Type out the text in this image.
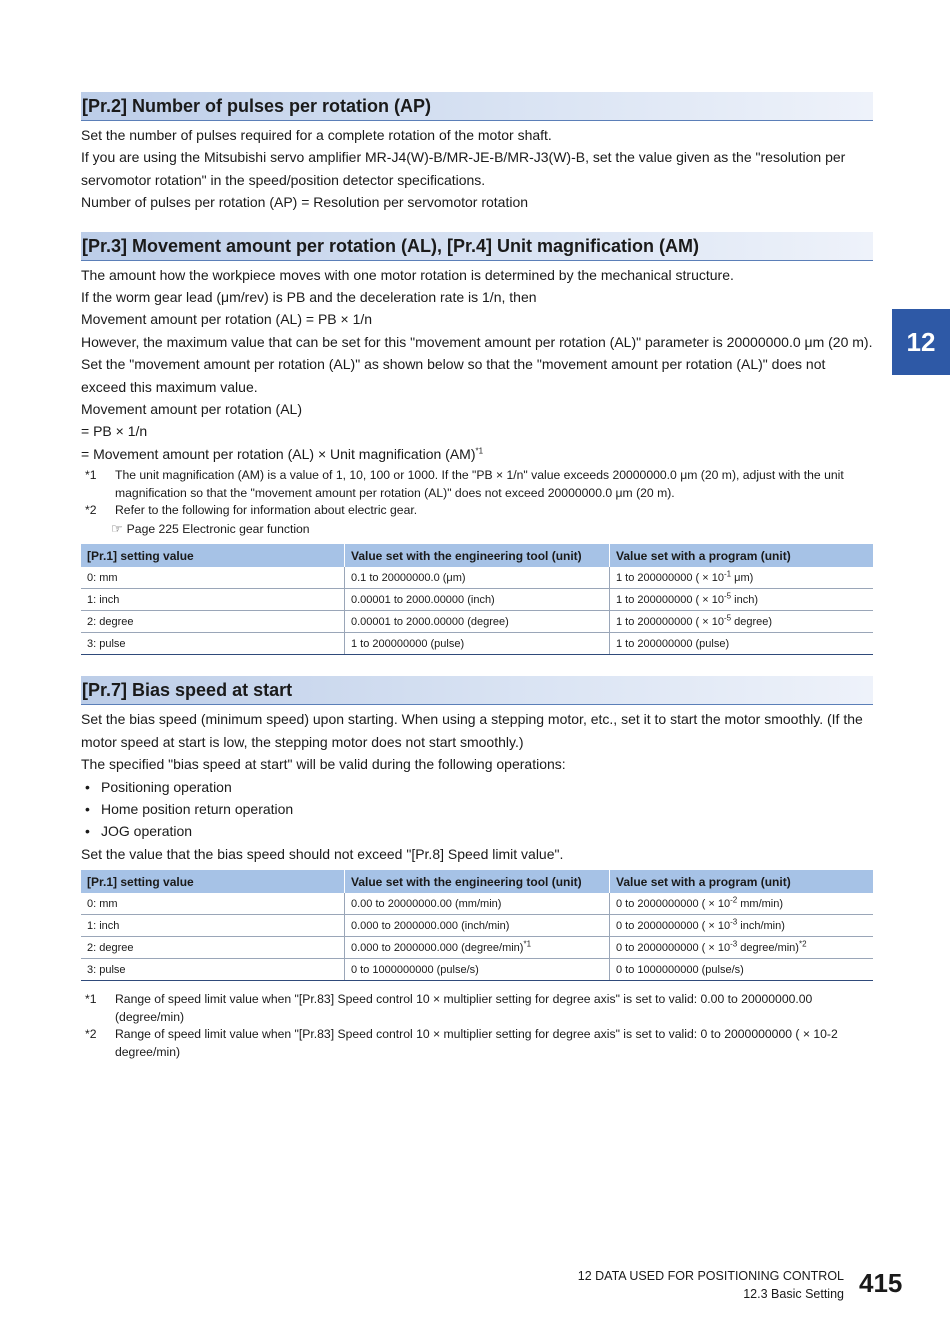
12
[Pr.2] Number of pulses per rotation (AP)

Set the number of pulses required for a complete rotation of the motor shaft.

If you are using the Mitsubishi servo amplifier MR-J4(W)-B/MR-JE-B/MR-J3(W)-B, set the value given as the "resolution per servomotor rotation" in the speed/position detector specifications.

Number of pulses per rotation (AP) = Resolution per servomotor rotation

[Pr.3] Movement amount per rotation (AL), [Pr.4] Unit magnification (AM)

The amount how the workpiece moves with one motor rotation is determined by the mechanical structure.

If the worm gear lead (μm/rev) is PB and the deceleration rate is 1/n, then

Movement amount per rotation (AL) = PB × 1/n

However, the maximum value that can be set for this "movement amount per rotation (AL)" parameter is 20000000.0 μm (20 m). Set the "movement amount per rotation (AL)" as shown below so that the "movement amount per rotation (AL)" does not exceed this maximum value.

Movement amount per rotation (AL)

= PB × 1/n

= Movement amount per rotation (AL) × Unit magnification (AM)$^{*1}$

*1	The unit magnification (AM) is a value of 1, 10, 100 or 1000. If the "PB × 1/n" value exceeds 20000000.0 μm (20 m), adjust with the unit magnification so that the "movement amount per rotation (AL)" does not exceed 20000000.0 μm (20 m).
*2	Refer to the following for information about electric gear.
☞ Page 225 Electronic gear function
[Pr.1] setting value	Value set with the engineering tool (unit)	Value set with a program (unit)
0: mm	0.1 to 20000000.0 (μm)	1 to 200000000 ( × $10^{-1}$ μm)
1: inch	0.00001 to 2000.00000 (inch)	1 to 200000000 ( × $10^{-5}$ inch)
2: degree	0.00001 to 2000.00000 (degree)	1 to 200000000 ( × $10^{-5}$ degree)
3: pulse	1 to 200000000 (pulse)	1 to 200000000 (pulse)
[Pr.7] Bias speed at start

Set the bias speed (minimum speed) upon starting. When using a stepping motor, etc., set it to start the motor smoothly. (If the motor speed at start is low, the stepping motor does not start smoothly.)

The specified "bias speed at start" will be valid during the following operations:

• Positioning operation
• Home position return operation
• JOG operation

Set the value that the bias speed should not exceed "[Pr.8] Speed limit value".

[Pr.1] setting value	Value set with the engineering tool (unit)	Value set with a program (unit)
0: mm	0.00 to 20000000.00 (mm/min)	0 to 2000000000 ( × $10^{-2}$ mm/min)
1: inch	0.000 to 2000000.000 (inch/min)	0 to 2000000000 ( × $10^{-3}$ inch/min)
2: degree	0.000 to 2000000.000 (degree/min)$^{*1}$	0 to 2000000000 ( × $10^{-3}$ degree/min)$^{*2}$
3: pulse	0 to 1000000000 (pulse/s)	0 to 1000000000 (pulse/s)
*1	Range of speed limit value when "[Pr.83] Speed control 10 × multiplier setting for degree axis" is set to valid: 0.00 to 20000000.00 (degree/min)
*2	Range of speed limit value when "[Pr.83] Speed control 10 × multiplier setting for degree axis" is set to valid: 0 to 2000000000 ( × 10-2 degree/min)
12 DATA USED FOR POSITIONING CONTROL
12.3 Basic Setting 415
